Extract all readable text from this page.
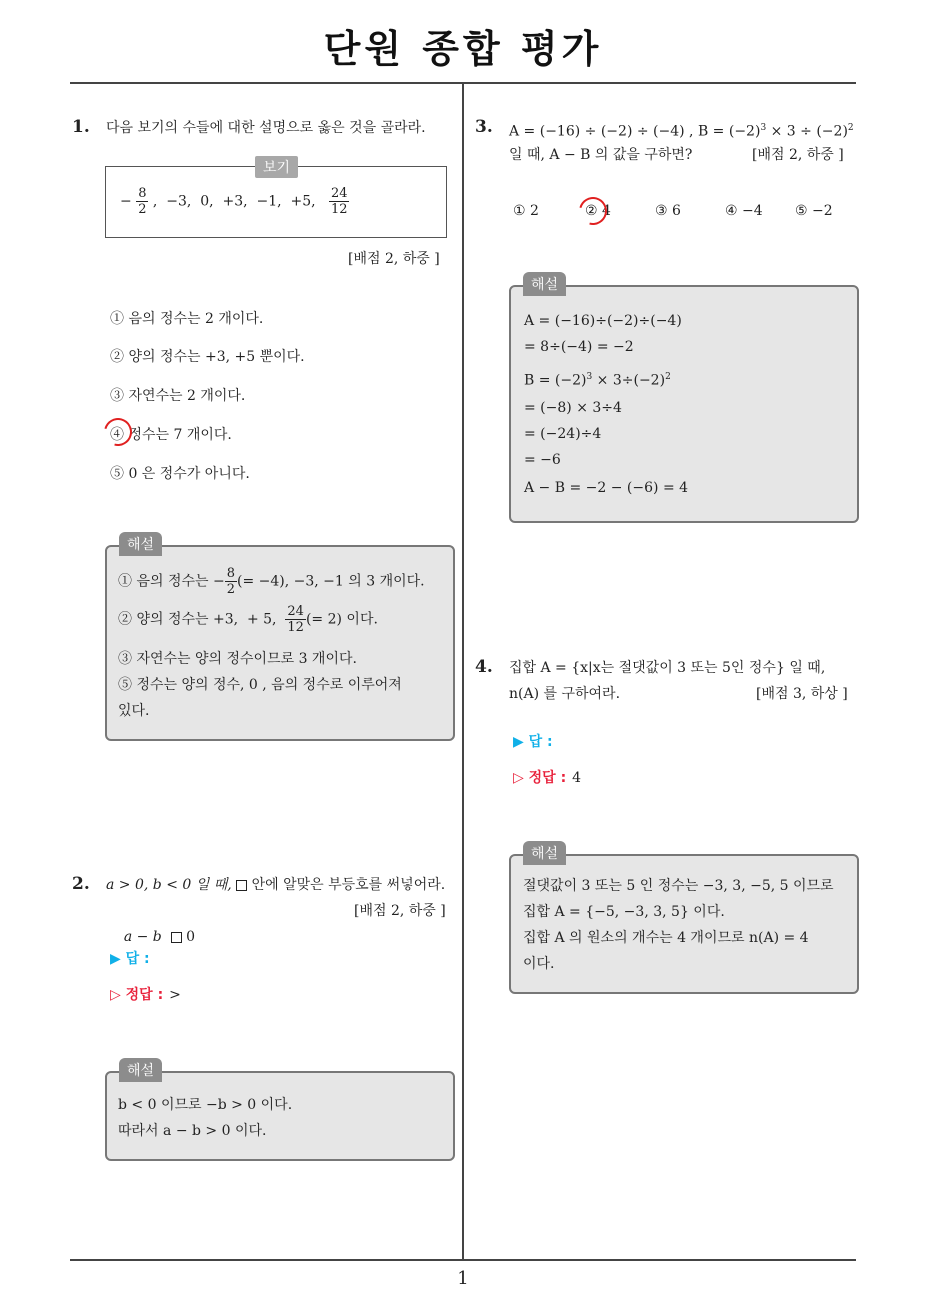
단원 종합 평가
1
1. 다음 보기의 수들에 대한 설명으로 옳은 것을 골라라.
보기
− $\frac{8}{2}$ ,  −3,  0,  +3,  −1,  +5, $\frac{24}{12}$
[배점 2, 하중 ]
① 음의 정수는 2 개이다.
② 양의 정수는 +3, +5 뿐이다.
③ 자연수는 2 개이다.
④ 정수는 7 개이다.
⑤ 0 은 정수가 아니다.
해설
① 음의 정수는 − $\frac{8}{2}$ (= −4), −3, −1 의 3 개이다.
② 양의 정수는 +3,  + 5, $\frac{24}{12}$ (= 2) 이다.
③ 자연수는 양의 정수이므로 3 개이다.
⑤ 정수는 양의 정수, 0 , 음의 정수로 이루어져
있다.
2. a > 0, b < 0 일 때,  안에 알맞은 부등호를 써넣어라.

a − b   0

[배점 2, 하중 ]
▶ 답 :
▷ 정답 : >
해설
b < 0 이므로 −b > 0 이다.
따라서 a − b > 0 이다.
3. A = (−16) ÷ (−2) ÷ (−4) , $B = (-2)^3 \times 3 \div (-2)^2$
일 때, A − B 의 값을 구하면?	[배점 2, 하중 ]
① 2	② 4	③ 6	④ −4 ⑤ −2
해설
A = (−16)÷(−2)÷(−4)
= 8÷(−4) = −2
$B = (-2)^3 \times 3\div(-2)^2$
= (−8) × 3÷4
= (−24)÷4
= −6
A − B = −2 − (−6) = 4
4. 집합 A = {x|x는 절댓값이 3 또는 5인 정수} 일 때,
n(A) 를 구하여라.	[배점 3, 하상 ]
▶ 답 :
▷ 정답 : 4
해설
절댓값이 3 또는 5 인 정수는 −3, 3, −5, 5 이므로
집합 A = {−5, −3, 3, 5} 이다.
집합 A 의 원소의 개수는 4 개이므로 n(A) = 4
이다.
